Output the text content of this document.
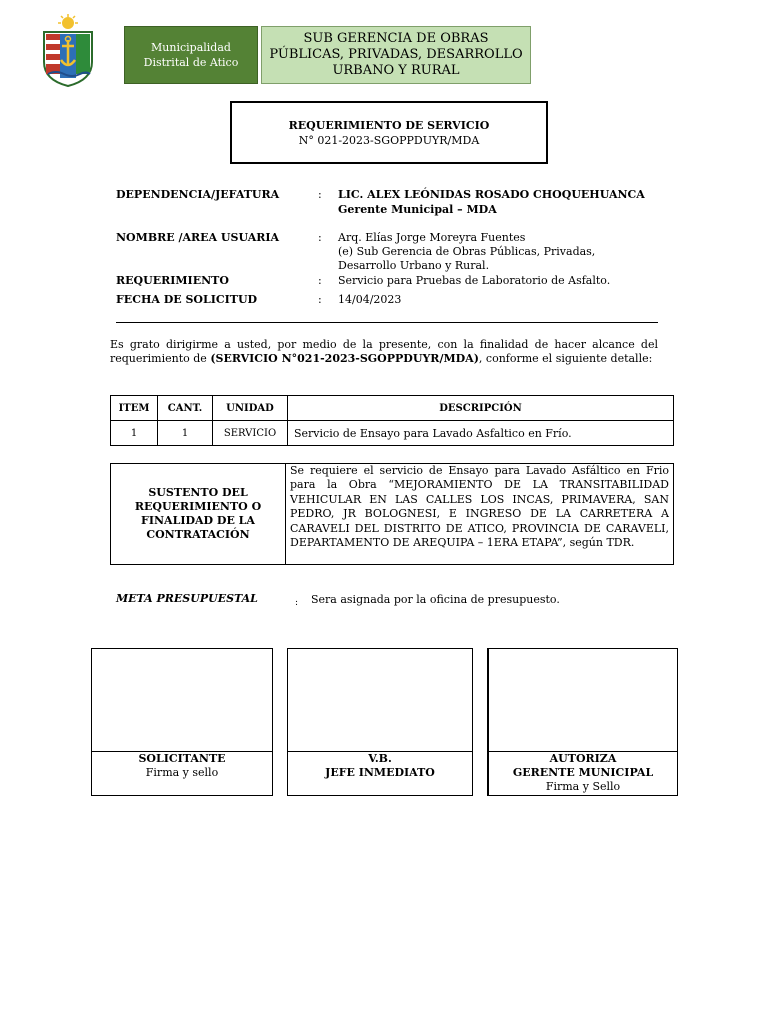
Municipalidad
Distrital de Atico
SUB GERENCIA DE OBRAS
PÚBLICAS, PRIVADAS, DESARROLLO
URBANO Y RURAL
REQUERIMIENTO DE SERVICIO
N° 021-2023-SGOPPDUYR/MDA
DEPENDENCIA/JEFATURA	: LIC. ALEX LEÓNIDAS ROSADO CHOQUEHUANCA
Gerente Municipal – MDA
NOMBRE /AREA USUARIA	: Arq. Elías Jorge Moreyra Fuentes
(e) Sub Gerencia de Obras Públicas, Privadas,
Desarrollo Urbano y Rural.
REQUERIMIENTO	: Servicio para Pruebas de Laboratorio de Asfalto.
FECHA DE SOLICITUD	: 14/04/2023
Es grato dirigirme a usted, por medio de la presente, con la finalidad de hacer alcance del requerimiento de (SERVICIO N°021-2023-SGOPPDUYR/MDA), conforme el siguiente detalle:
ITEM	CANT.	UNIDAD	DESCRIPCIÓN
1	1	SERVICIO	Servicio de Ensayo para Lavado Asfaltico en Frío.
SUSTENTO DEL
REQUERIMIENTO O
FINALIDAD DE LA
CONTRATACIÓN
Se requiere el servicio de Ensayo para Lavado Asfáltico en Frio para la Obra “MEJORAMIENTO DE LA TRANSITABILIDAD VEHICULAR EN LAS CALLES LOS INCAS, PRIMAVERA, SAN PEDRO, JR BOLOGNESI, E INGRESO DE LA CARRETERA A CARAVELI DEL DISTRITO DE ATICO, PROVINCIA DE CARAVELI, DEPARTAMENTO DE AREQUIPA – 1ERA ETAPA”, según TDR.
META PRESUPUESTAL	: Sera asignada por la oficina de presupuesto.
SOLICITANTE
Firma y sello
V.B.
JEFE INMEDIATO
AUTORIZA
GERENTE MUNICIPAL
Firma y Sello
